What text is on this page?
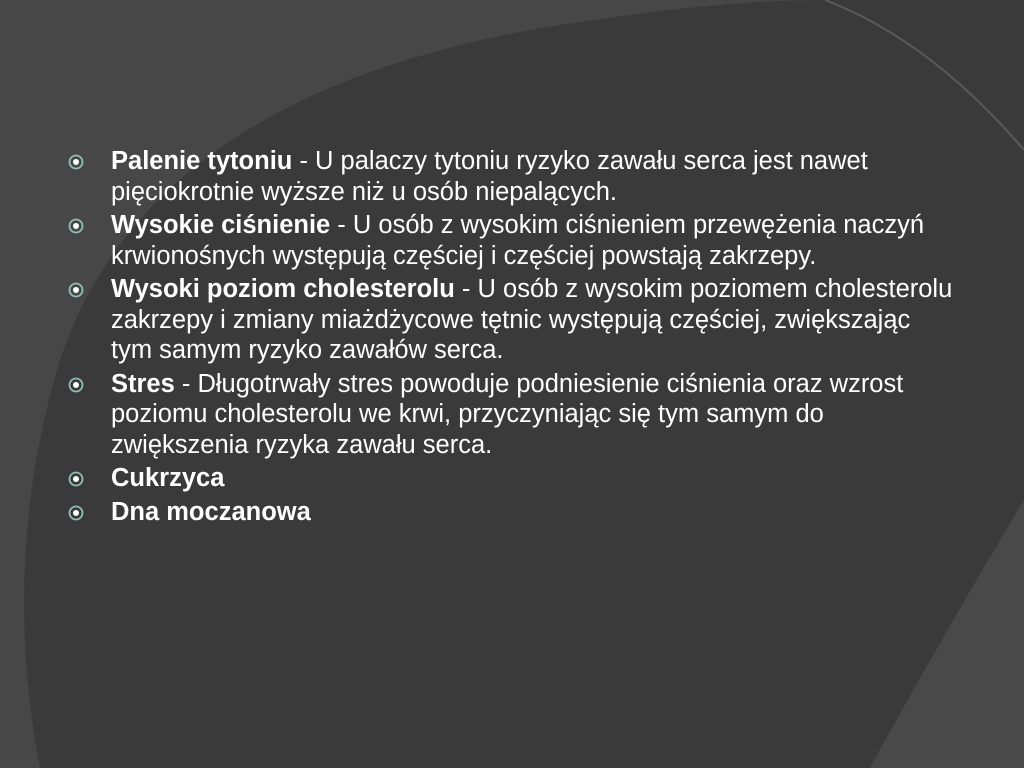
Palenie tytoniu - U palaczy tytoniu ryzyko zawału serca jest nawet pięciokrotnie wyższe niż u osób niepalących.
Wysokie ciśnienie - U osób z wysokim ciśnieniem przewężenia naczyń krwionośnych występują częściej i częściej powstają zakrzepy.
Wysoki poziom cholesterolu - U osób z wysokim poziomem cholesterolu zakrzepy i zmiany miażdżycowe tętnic występują częściej, zwiększając tym samym ryzyko zawałów serca.
Stres - Długotrwały stres powoduje podniesienie ciśnienia oraz wzrost poziomu cholesterolu we krwi, przyczyniając się tym samym do zwiększenia ryzyka zawału serca.
Cukrzyca
Dna moczanowa
